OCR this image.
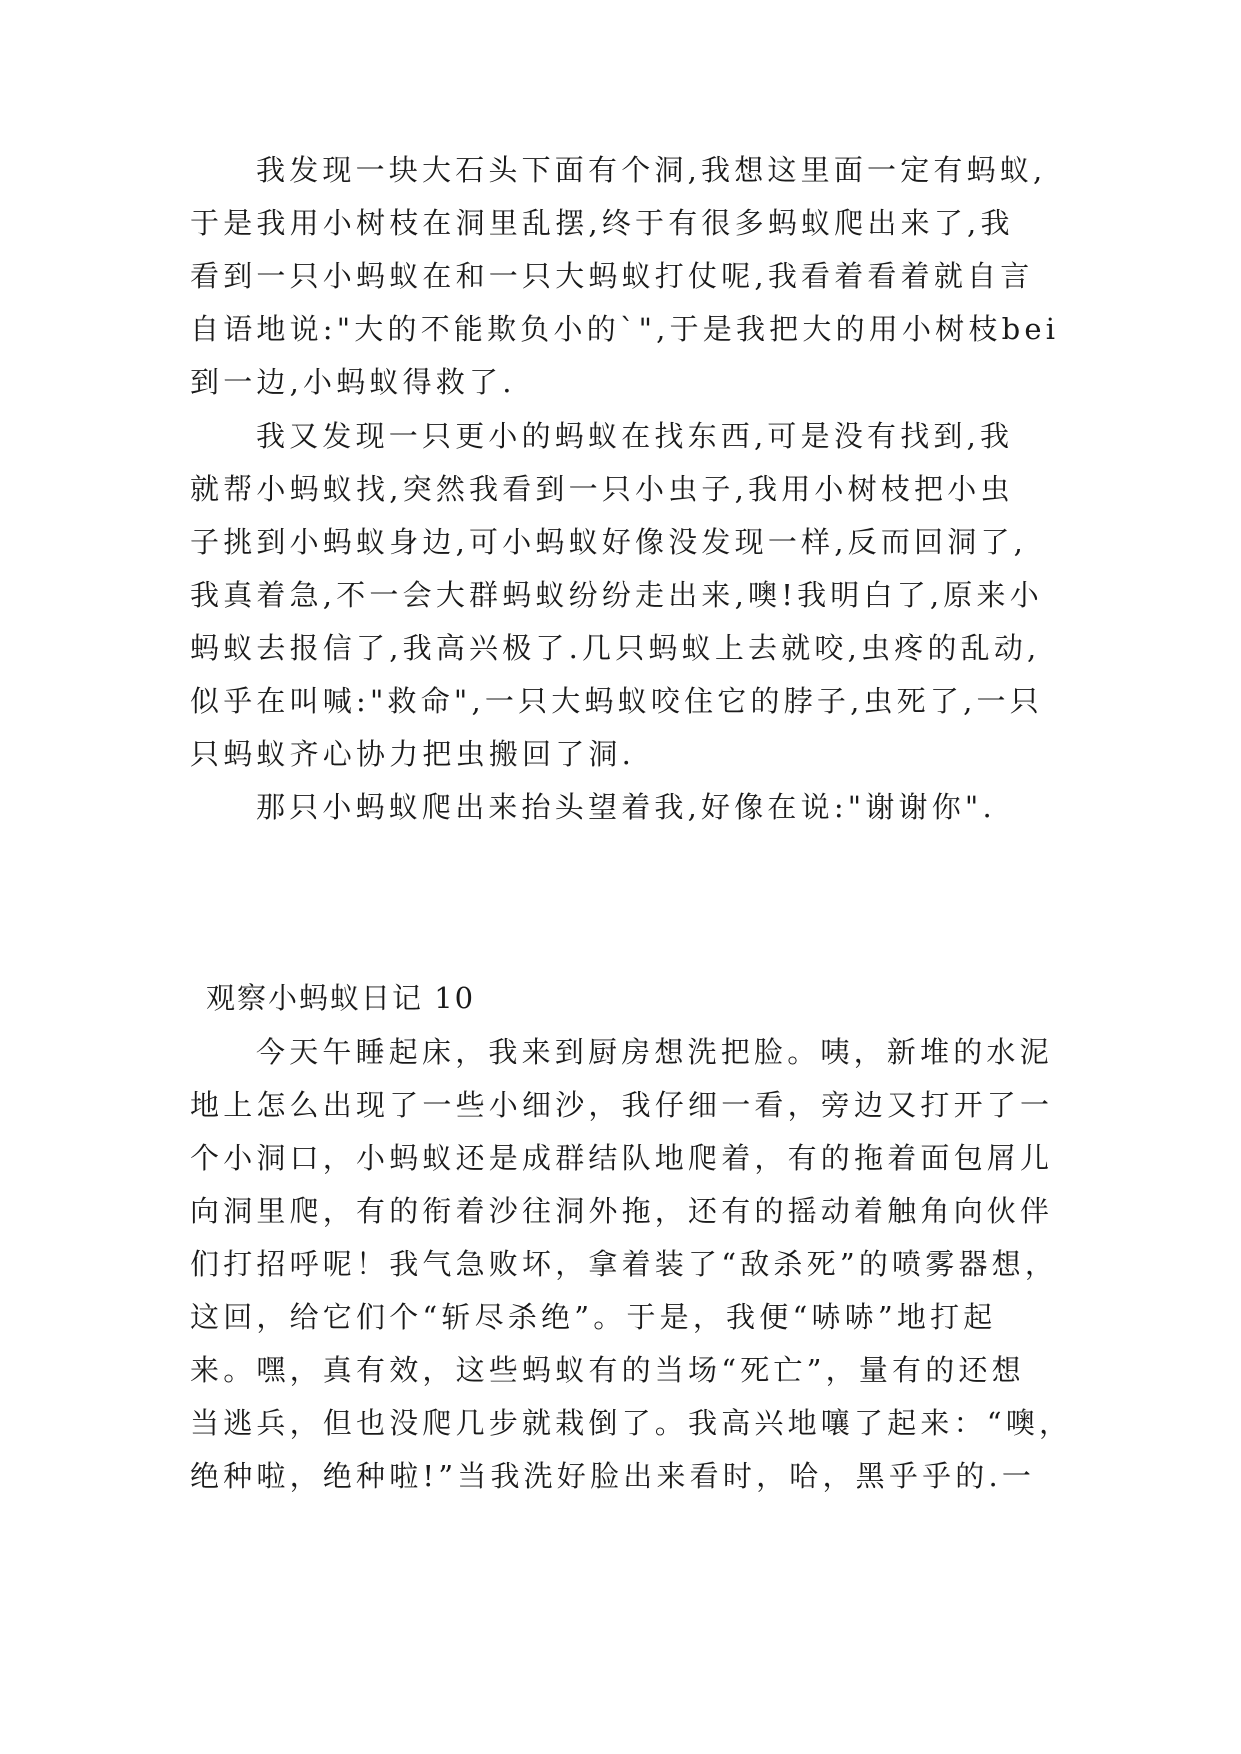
我发现一块大石头下面有个洞,我想这里面一定有蚂蚁,
于是我用小树枝在洞里乱摆,终于有很多蚂蚁爬出来了,我
看到一只小蚂蚁在和一只大蚂蚁打仗呢,我看着看着就自言
自语地说:"大的不能欺负小的`",于是我把大的用小树枝bei
到一边,小蚂蚁得救了.
我又发现一只更小的蚂蚁在找东西,可是没有找到,我
就帮小蚂蚁找,突然我看到一只小虫子,我用小树枝把小虫
子挑到小蚂蚁身边,可小蚂蚁好像没发现一样,反而回洞了,
我真着急,不一会大群蚂蚁纷纷走出来,噢!我明白了,原来小
蚂蚁去报信了,我高兴极了.几只蚂蚁上去就咬,虫疼的乱动,
似乎在叫喊:"救命",一只大蚂蚁咬住它的脖子,虫死了,一只
只蚂蚁齐心协力把虫搬回了洞.
那只小蚂蚁爬出来抬头望着我,好像在说:"谢谢你".
观察小蚂蚁日记 10
今天午睡起床，我来到厨房想洗把脸。咦，新堆的水泥
地上怎么出现了一些小细沙，我仔细一看，旁边又打开了一
个小洞口，小蚂蚁还是成群结队地爬着，有的拖着面包屑儿
向洞里爬，有的衔着沙往洞外拖，还有的摇动着触角向伙伴
们打招呼呢！我气急败坏，拿着装了“敌杀死”的喷雾器想，
这回，给它们个“斩尽杀绝”。于是，我便“哧哧”地打起
来。嘿，真有效，这些蚂蚁有的当场“死亡”，量有的还想
当逃兵，但也没爬几步就栽倒了。我高兴地嚷了起来：“噢，
绝种啦，绝种啦!”当我洗好脸出来看时，哈，黑乎乎的.一
